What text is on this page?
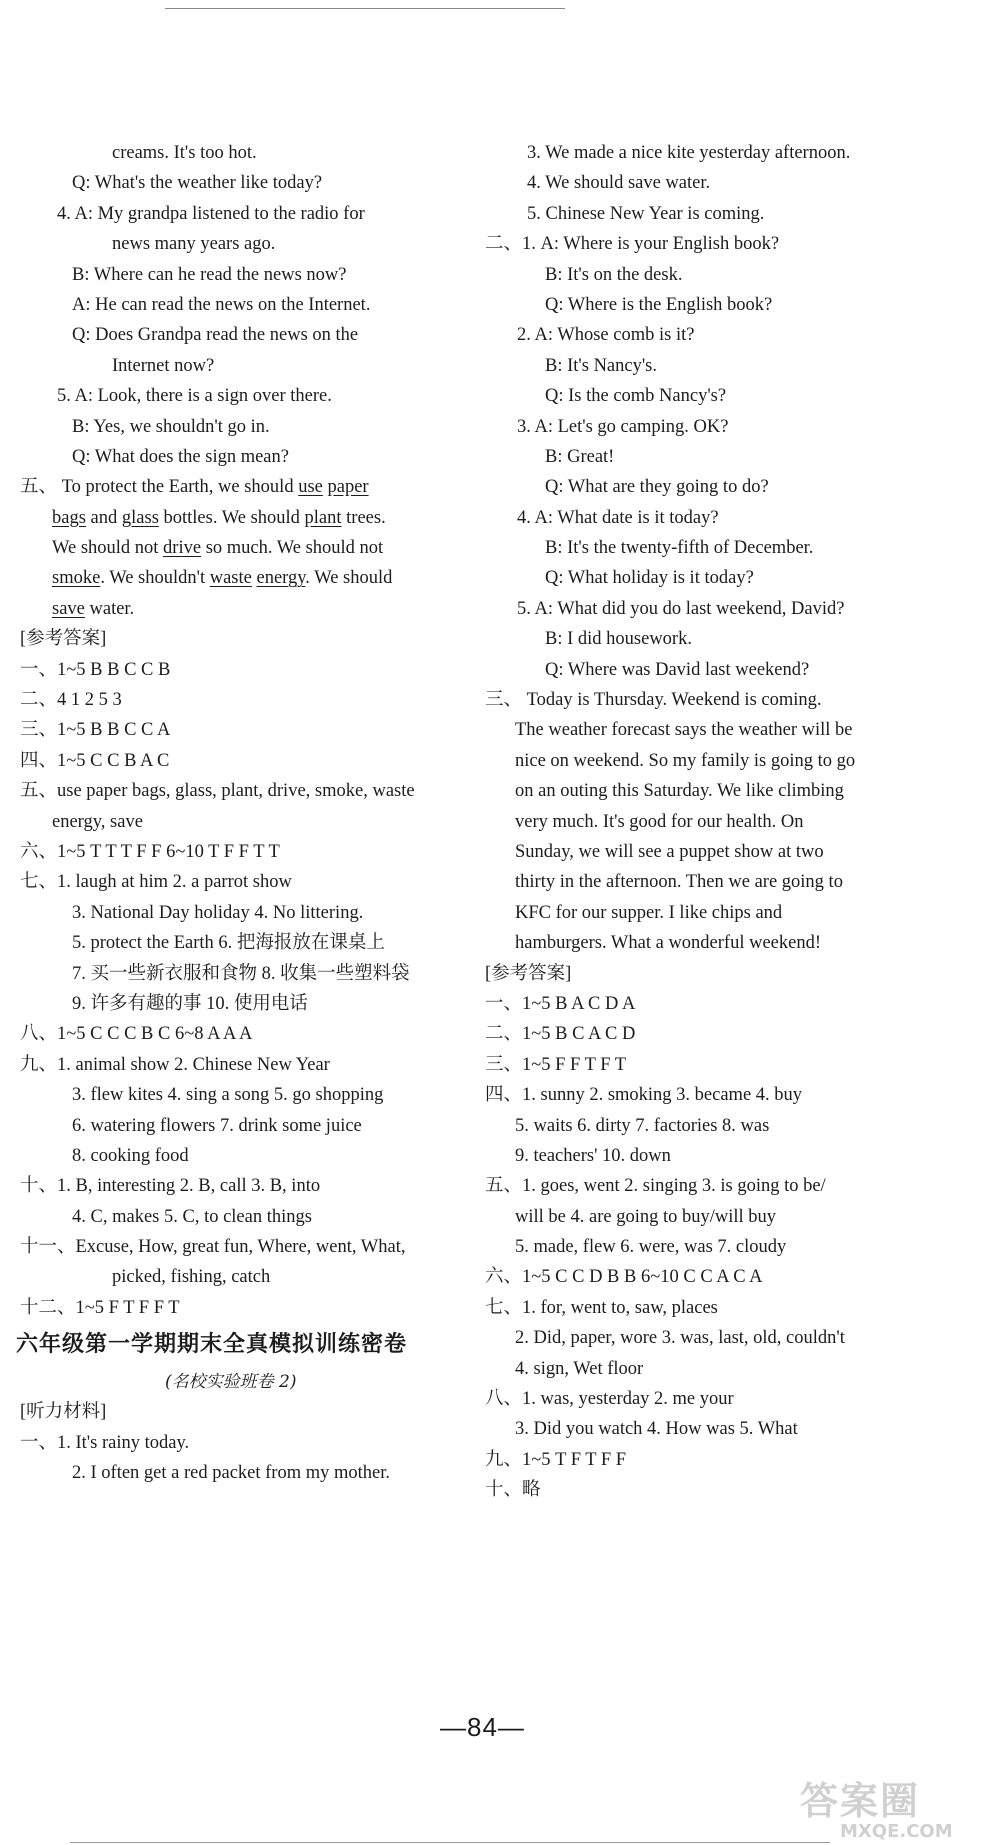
creams. It's too hot.
Q: What's the weather like today?
4. A: My grandpa listened to the radio for
news many years ago.
B: Where can he read the news now?
A: He can read the news on the Internet.
Q: Does Grandpa read the news on the
Internet now?
5. A: Look, there is a sign over there.
B: Yes, we shouldn't go in.
Q: What does the sign mean?
五、 To protect the Earth, we should use paper
bags and glass bottles. We should plant trees.
We should not drive so much. We should not
smoke. We shouldn't waste energy. We should
save water.
[参考答案]
一、1~5 B B C C B
二、4 1 2 5 3
三、1~5 B B C C A
四、1~5 C C B A C
五、use paper bags, glass, plant, drive, smoke, waste
energy, save
六、1~5 T T T F F 6~10 T F F T T
七、1. laugh at him 2. a parrot show
3. National Day holiday 4. No littering.
5. protect the Earth 6. 把海报放在课桌上
7. 买一些新衣服和食物 8. 收集一些塑料袋
9. 许多有趣的事 10. 使用电话
八、1~5 C C C B C 6~8 A A A
九、1. animal show 2. Chinese New Year
3. flew kites 4. sing a song 5. go shopping
6. watering flowers 7. drink some juice
8. cooking food
十、1. B, interesting 2. B, call 3. B, into
4. C, makes 5. C, to clean things
十一、Excuse, How, great fun, Where, went, What,
picked, fishing, catch
十二、1~5 F T F F T
六年级第一学期期末全真模拟训练密卷
(名校实验班卷 2)
[听力材料]
一、1. It's rainy today.
2. I often get a red packet from my mother.
3. We made a nice kite yesterday afternoon.
4. We should save water.
5. Chinese New Year is coming.
二、1. A: Where is your English book?
B: It's on the desk.
Q: Where is the English book?
2. A: Whose comb is it?
B: It's Nancy's.
Q: Is the comb Nancy's?
3. A: Let's go camping. OK?
B: Great!
Q: What are they going to do?
4. A: What date is it today?
B: It's the twenty-fifth of December.
Q: What holiday is it today?
5. A: What did you do last weekend, David?
B: I did housework.
Q: Where was David last weekend?
三、 Today is Thursday. Weekend is coming.
The weather forecast says the weather will be
nice on weekend. So my family is going to go
on an outing this Saturday. We like climbing
very much. It's good for our health. On
Sunday, we will see a puppet show at two
thirty in the afternoon. Then we are going to
KFC for our supper. I like chips and
hamburgers. What a wonderful weekend!
[参考答案]
一、1~5 B A C D A
二、1~5 B C A C D
三、1~5 F F T F T
四、1. sunny 2. smoking 3. became 4. buy
5. waits 6. dirty 7. factories 8. was
9. teachers' 10. down
五、1. goes, went 2. singing 3. is going to be/
will be 4. are going to buy/will buy
5. made, flew 6. were, was 7. cloudy
六、1~5 C C D B B 6~10 C C A C A
七、1. for, went to, saw, places
2. Did, paper, wore 3. was, last, old, couldn't
4. sign, Wet floor
八、1. was, yesterday 2. me your
3. Did you watch 4. How was 5. What
九、1~5 T F T F F
十、略
—84—
答案圈
MXQE.COM
